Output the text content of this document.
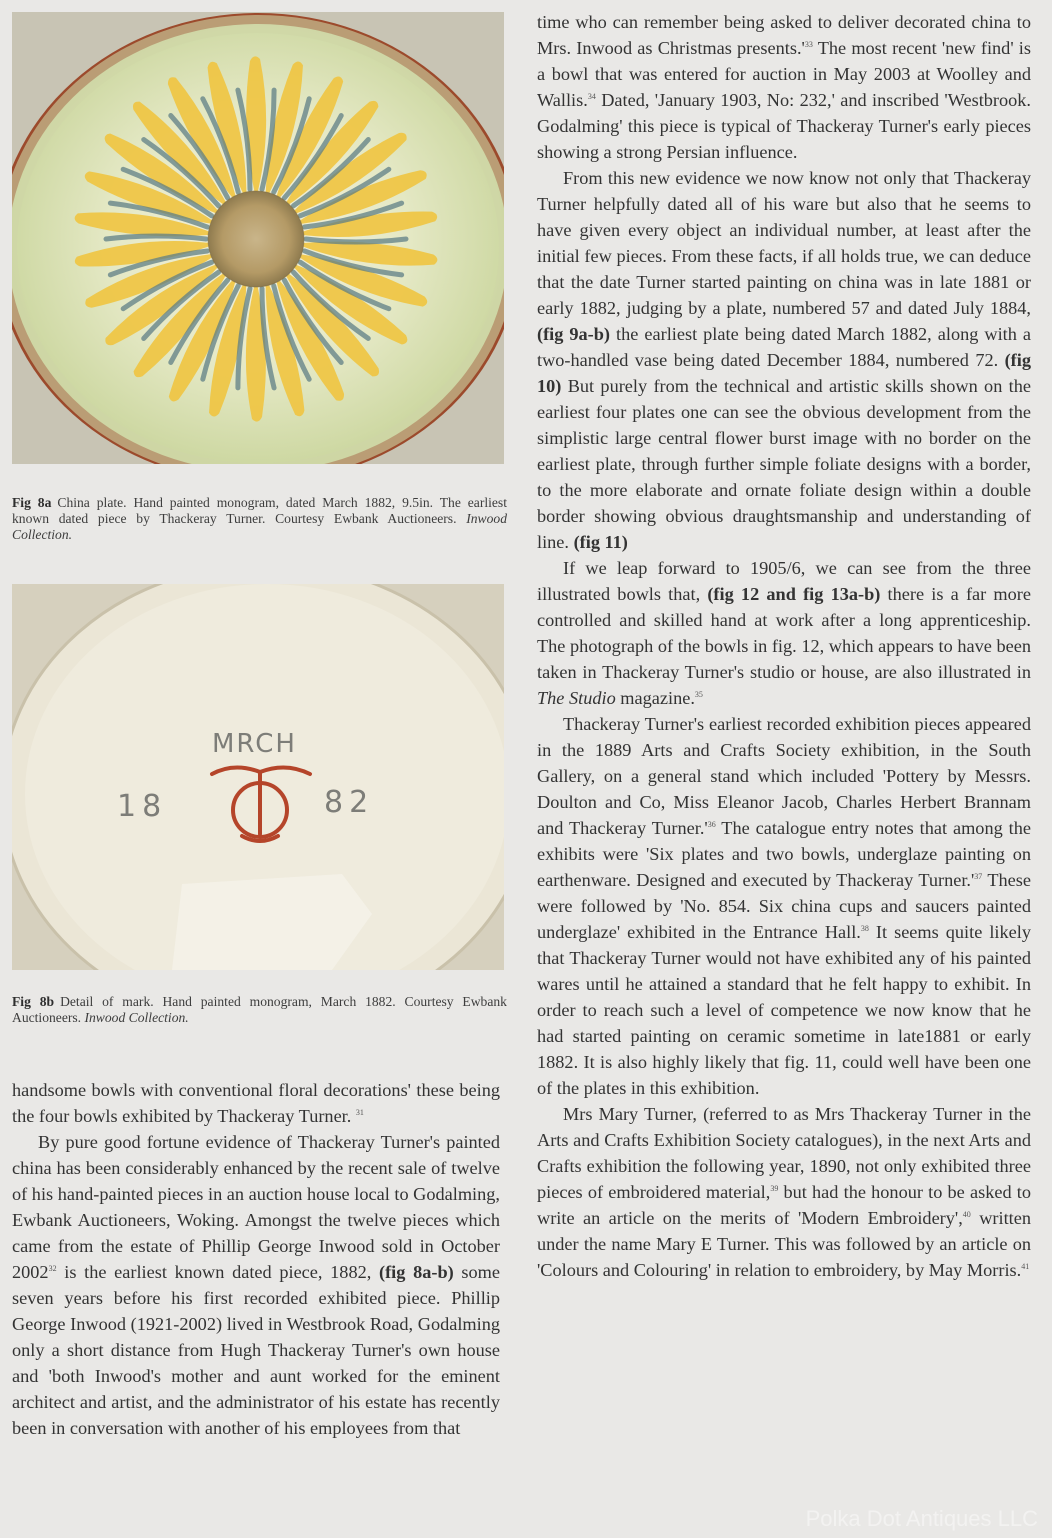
Fig 8a China plate. Hand painted monogram, dated March 1882, 9.5in. The earliest known dated piece by Thackeray Turner. Courtesy Ewbank Auctioneers. Inwood Collection.
MRCH
18	82
Fig 8b Detail of mark. Hand painted monogram, March 1882. Courtesy Ewbank Auctioneers. Inwood Collection.

handsome bowls with conventional floral decorations' these being the four bowls exhibited by Thackeray Turner. $^{31}$

By pure good fortune evidence of Thackeray Turner's painted china has been considerably enhanced by the recent sale of twelve of his hand-painted pieces in an auction house local to Godalming, Ewbank Auctioneers, Woking. Amongst the twelve pieces which came from the estate of Phillip George Inwood sold in October 2002$^{32}$ is the earliest known dated piece, 1882, (fig 8a-b) some seven years before his first recorded exhibited piece. Phillip George Inwood (1921-2002) lived in Westbrook Road, Godalming only a short distance from Hugh Thackeray Turner's own house and 'both Inwood's mother and aunt worked for the eminent architect and artist, and the administrator of his estate has recently been in conversation with another of his employees from that

time who can remember being asked to deliver decorated china to Mrs. Inwood as Christmas $presents.'^{33}$ The most recent 'new find' is a bowl that was entered for auction in May 2003 at Woolley and Wallis.$^{34}$ Dated, 'January 1903, No: 232,' and inscribed 'Westbrook. Godalming' this piece is typical of Thackeray Turner's early pieces showing a strong Persian influence.

From this new evidence we now know not only that Thackeray Turner helpfully dated all of his ware but also that he seems to have given every object an individual number, at least after the initial few pieces. From these facts, if all holds true, we can deduce that the date Turner started painting on china was in late 1881 or early 1882, judging by a plate, numbered 57 and dated July 1884, (fig 9a-b) the earliest plate being dated March 1882, along with a two-handled vase being dated December 1884, numbered 72. (fig 10) But purely from the technical and artistic skills shown on the earliest four plates one can see the obvious development from the simplistic large central flower burst image with no border on the earliest plate, through further simple foliate designs with a border, to the more elaborate and ornate foliate design within a double border showing obvious draughtsmanship and understanding of line. (fig 11)

If we leap forward to 1905/6, we can see from the three illustrated bowls that, (fig 12 and fig 13a-b) there is a far more controlled and skilled hand at work after a long apprenticeship. The photograph of the bowls in fig. 12, which appears to have been taken in Thackeray Turner's studio or house, are also illustrated in The Studio magazine.$^{35}$

Thackeray Turner's earliest recorded exhibition pieces appeared in the 1889 Arts and Crafts Society exhibition, in the South Gallery, on a general stand which included 'Pottery by Messrs. Doulton and Co, Miss Eleanor Jacob, Charles Herbert Brannam and Thackeray $Turner.'^{36}$ The catalogue entry notes that among the exhibits were 'Six plates and two bowls, underglaze painting on earthenware. Designed and executed by Thackeray $Turner.'^{37}$ These were followed by 'No. 854. Six china cups and saucers painted underglaze' exhibited in the Entrance Hall.$^{38}$ It seems quite likely that Thackeray Turner would not have exhibited any of his painted wares until he attained a standard that he felt happy to exhibit. In order to reach such a level of competence we now know that he had started painting on ceramic sometime in late1881 or early 1882. It is also highly likely that fig. 11, could well have been one of the plates in this exhibition.

Mrs Mary Turner, (referred to as Mrs Thackeray Turner in the Arts and Crafts Exhibition Society catalogues), in the next Arts and Crafts exhibition the following year, 1890, not only exhibited three pieces of embroidered material,$^{39}$ but had the honour to be asked to write an article on the merits of 'Modern Embroidery',$^{40}$ written under the name Mary E Turner. This was followed by an article on 'Colours and Colouring' in relation to embroidery, by May Morris.$^{41}$

Polka Dot Antiques LLC
